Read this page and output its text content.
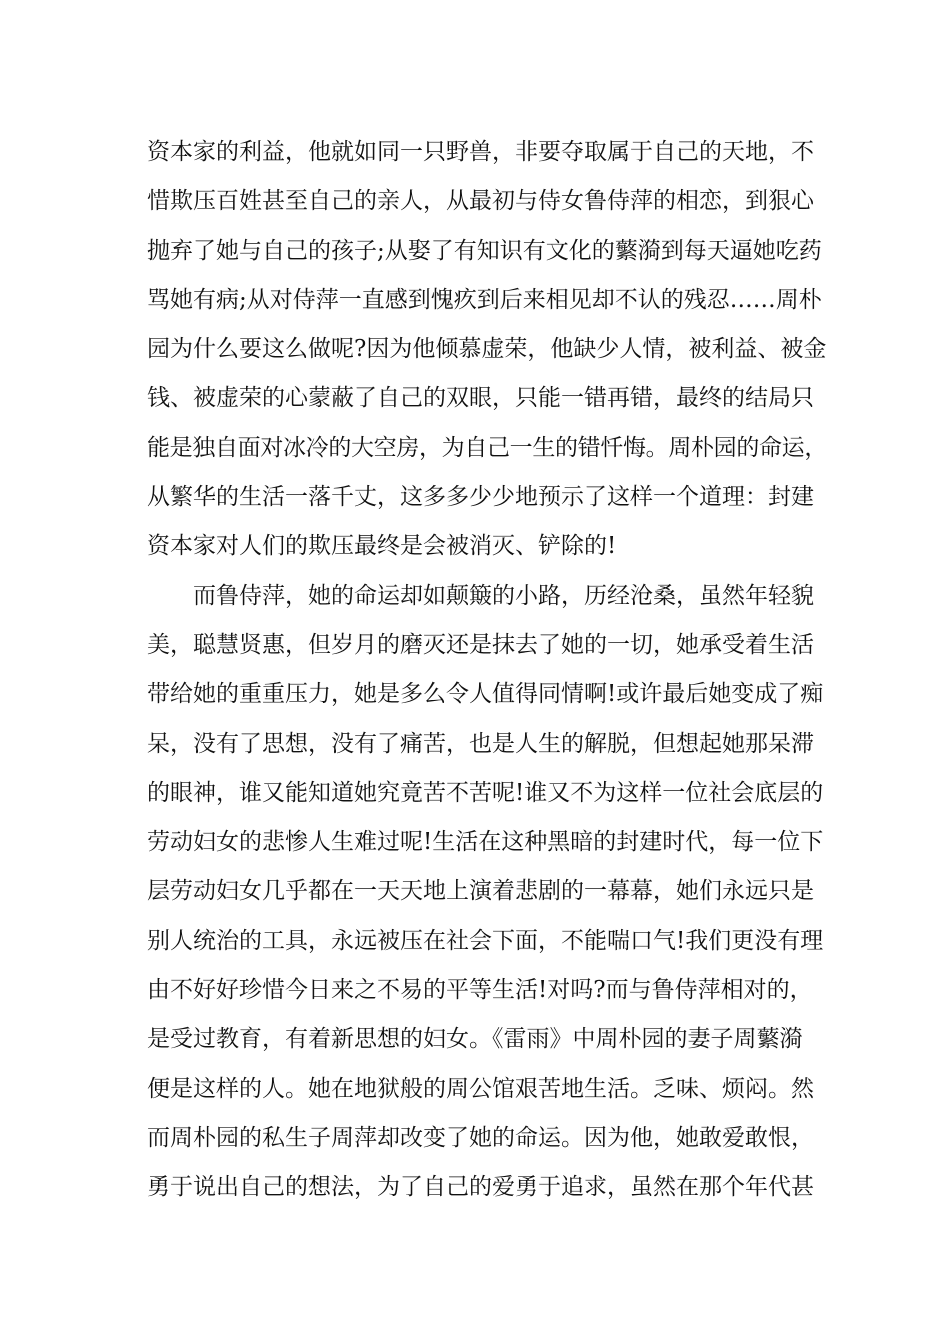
资本家的利益，他就如同一只野兽，非要夺取属于自己的天地，不
惜欺压百姓甚至自己的亲人，从最初与侍女鲁侍萍的相恋，到狠心
抛弃了她与自己的孩子;从娶了有知识有文化的蘩漪到每天逼她吃药
骂她有病;从对侍萍一直感到愧疚到后来相见却不认的残忍……周朴
园为什么要这么做呢?因为他倾慕虚荣，他缺少人情，被利益、被金
钱、被虚荣的心蒙蔽了自己的双眼，只能一错再错，最终的结局只
能是独自面对冰冷的大空房，为自己一生的错忏悔。周朴园的命运，
从繁华的生活一落千丈，这多多少少地预示了这样一个道理：封建
资本家对人们的欺压最终是会被消灭、铲除的!
而鲁侍萍，她的命运却如颠簸的小路，历经沧桑，虽然年轻貌
美，聪慧贤惠，但岁月的磨灭还是抹去了她的一切，她承受着生活
带给她的重重压力，她是多么令人值得同情啊!或许最后她变成了痴
呆，没有了思想，没有了痛苦，也是人生的解脱，但想起她那呆滞
的眼神，谁又能知道她究竟苦不苦呢!谁又不为这样一位社会底层的
劳动妇女的悲惨人生难过呢!生活在这种黑暗的封建时代，每一位下
层劳动妇女几乎都在一天天地上演着悲剧的一幕幕，她们永远只是
别人统治的工具，永远被压在社会下面，不能喘口气!我们更没有理
由不好好珍惜今日来之不易的平等生活!对吗?而与鲁侍萍相对的，
是受过教育，有着新思想的妇女。《雷雨》中周朴园的妻子周蘩漪
便是这样的人。她在地狱般的周公馆艰苦地生活。乏味、烦闷。然
而周朴园的私生子周萍却改变了她的命运。因为他，她敢爱敢恨，
勇于说出自己的想法，为了自己的爱勇于追求，虽然在那个年代甚
